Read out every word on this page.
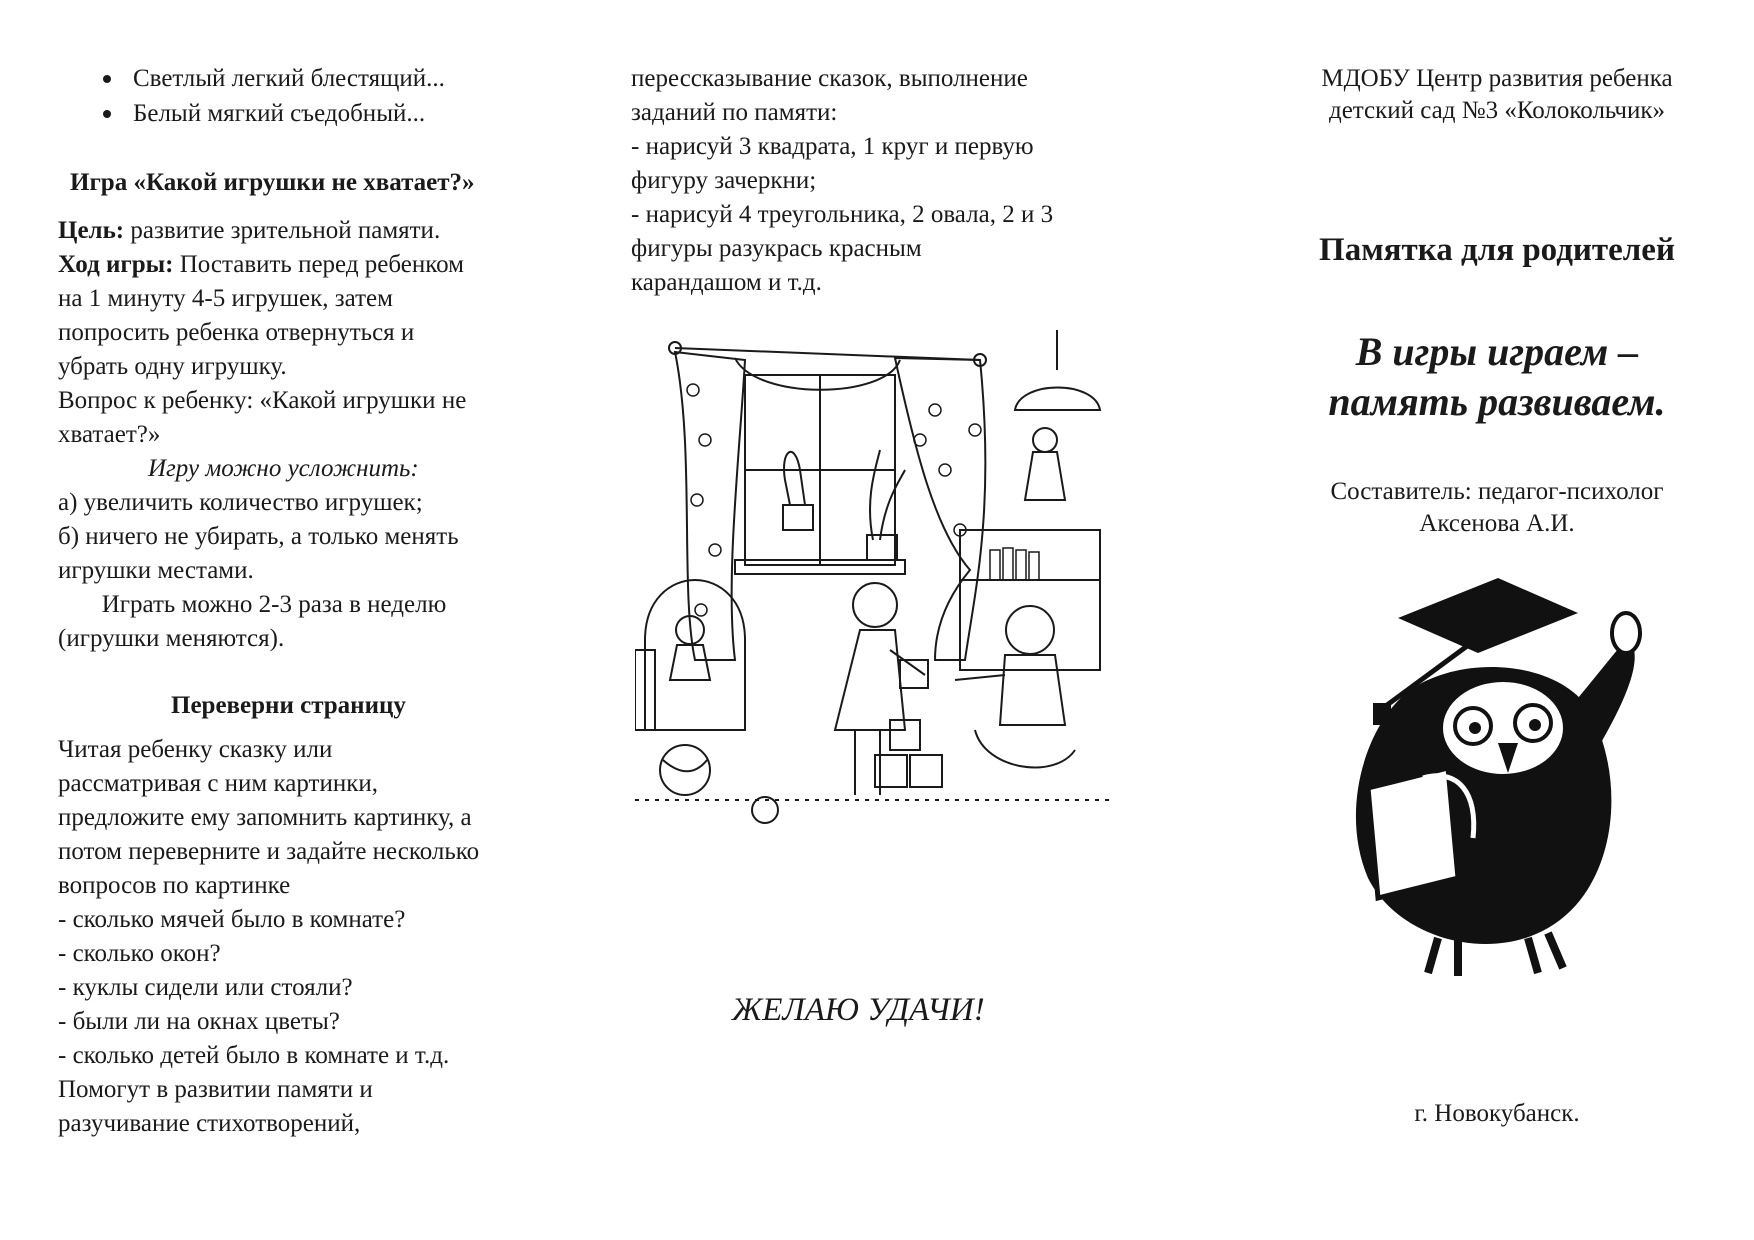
Светлый легкий блестящий...
Белый мягкий съедобный...
Игра «Какой игрушки не хватает?»
Цель: развитие зрительной памяти.
Ход игры: Поставить перед ребенком
на 1 минуту 4-5 игрушек, затем
попросить ребенка отвернуться и
убрать одну игрушку.
Вопрос к ребенку: «Какой игрушки не
хватает?»
Игру можно усложнить:
а) увеличить количество игрушек;
б) ничего не убирать, а только менять
игрушки местами.
Играть можно 2-3 раза в неделю
(игрушки меняются).
Переверни страницу
Читая ребенку сказку или
рассматривая с ним картинки,
предложите ему запомнить картинку, а
потом переверните и задайте несколько
вопросов по картинке
- сколько мячей было в комнате?
- сколько окон?
- куклы сидели или стояли?
- были ли на окнах цветы?
- сколько детей было в комнате и т.д.
Помогут в развитии памяти и
разучивание стихотворений,
перессказывание сказок, выполнение
заданий по памяти:
- нарисуй 3 квадрата, 1 круг и первую
фигуру зачеркни;
- нарисуй 4 треугольника, 2 овала, 2 и 3
фигуры разукрась красным
карандашом и т.д.
ЖЕЛАЮ УДАЧИ!
МДОБУ Центр развития ребенка
детский сад №3 «Колокольчик»
Памятка для родителей
В игры играем –
память развиваем.
Составитель: педагог-психолог
Аксенова А.И.
г. Новокубанск.
